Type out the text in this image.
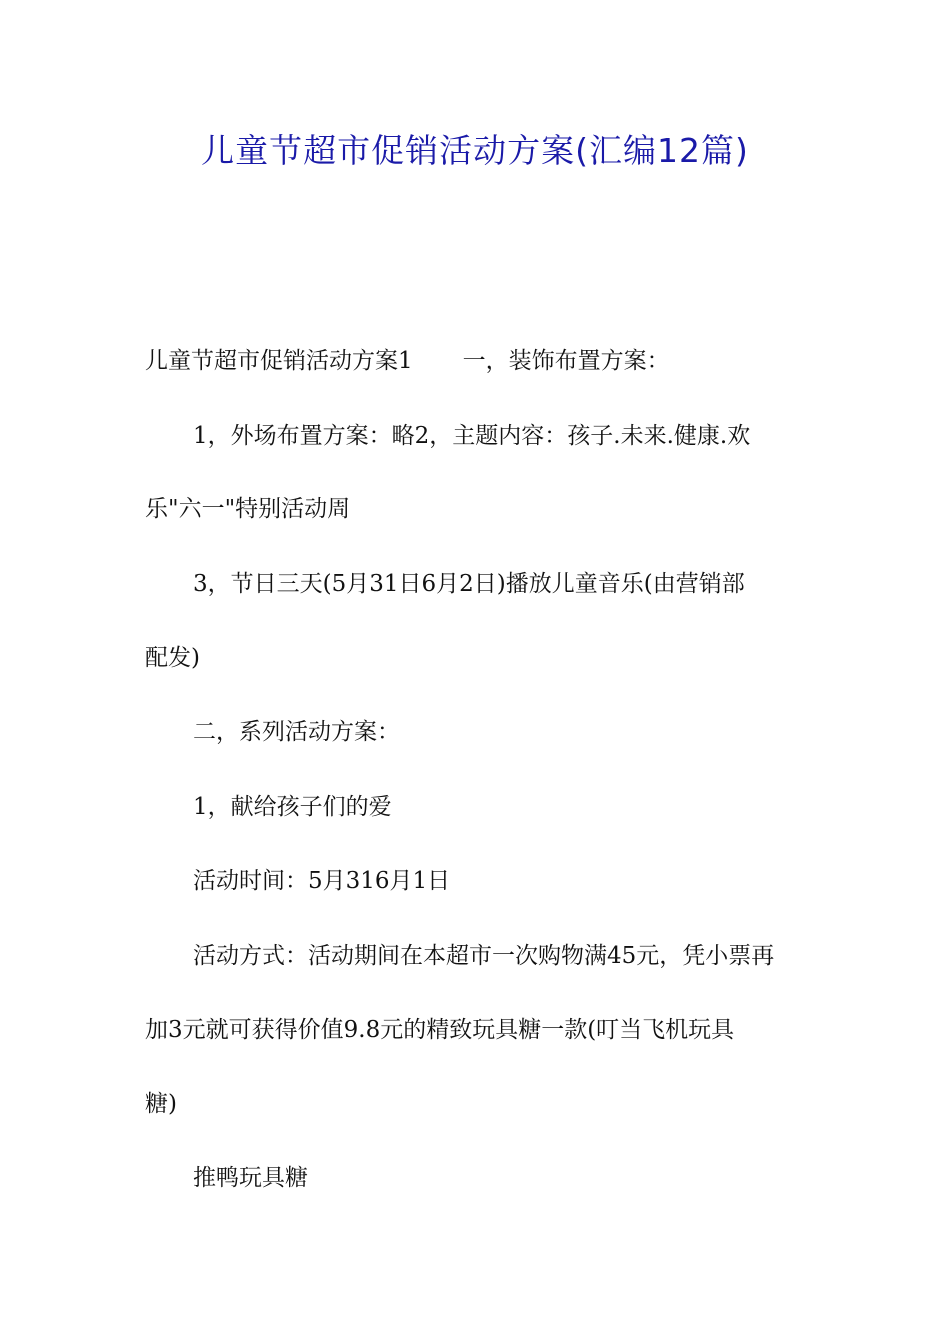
儿童节超市促销活动方案(汇编12篇)

儿童节超市促销活动方案1 一，装饰布置方案：

1，外场布置方案：略2，主题内容：孩子.未来.健康.欢

乐"六一"特别活动周

3，节日三天(5月31日6月2日)播放儿童音乐(由营销部

配发)

二，系列活动方案：

1，献给孩子们的爱

活动时间：5月316月1日

活动方式：活动期间在本超市一次购物满45元，凭小票再

加3元就可获得价值9.8元的精致玩具糖一款(叮当飞机玩具

糖)

推鸭玩具糖
